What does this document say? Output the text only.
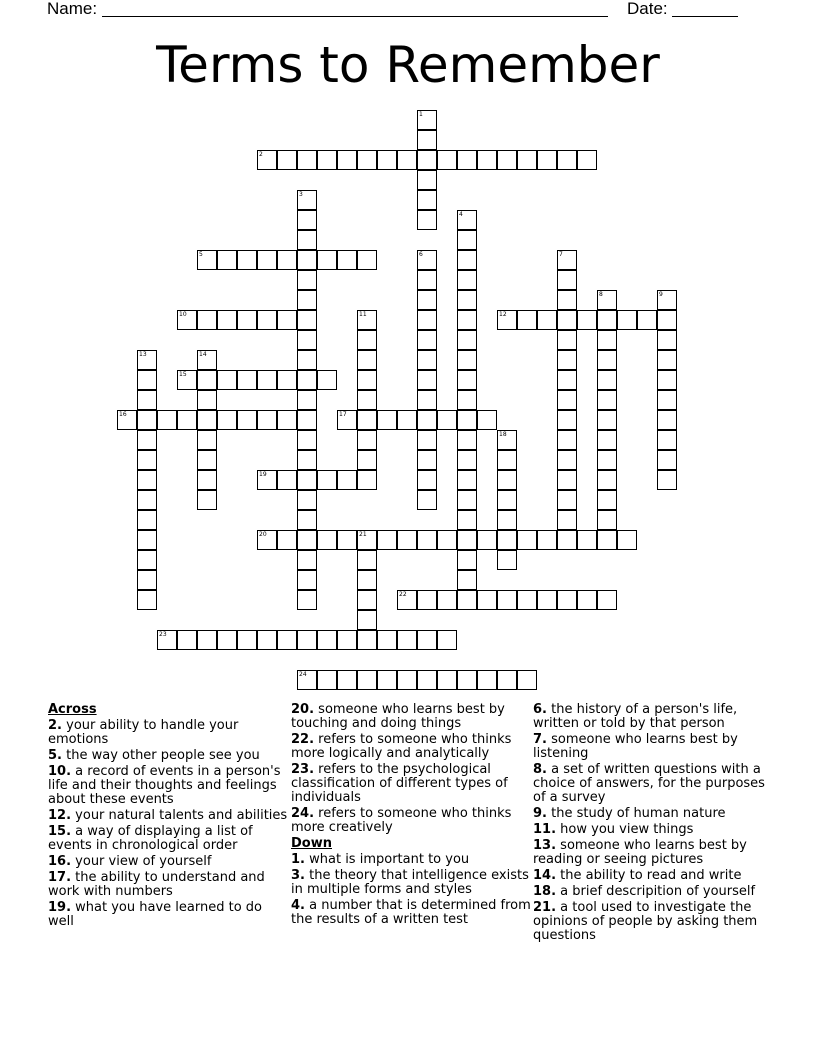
Name:	Date:
Terms to Remember
1
2
3
4
5	6	7
8	9
10	11	12
13	14
15
16	17
18
19
20	21
22
23
24
Across
2. your ability to handle your emotions
5. the way other people see you
10. a record of events in a person's life and their thoughts and feelings about these events
12. your natural talents and abilities
15. a way of displaying a list of events in chronological order
16. your view of yourself
17. the ability to understand and work with numbers
19. what you have learned to do well
20. someone who learns best by touching and doing things
22. refers to someone who thinks more logically and analytically
23. refers to the psychological classification of different types of individuals
24. refers to someone who thinks more creatively
Down
1. what is important to you
3. the theory that intelligence exists in multiple forms and styles
4. a number that is determined from the results of a written test
6. the history of a person's life, written or told by that person
7. someone who learns best by listening
8. a set of written questions with a choice of answers, for the purposes of a survey
9. the study of human nature
11. how you view things
13. someone who learns best by reading or seeing pictures
14. the ability to read and write
18. a brief descripition of yourself
21. a tool used to investigate the opinions of people by asking them questions
